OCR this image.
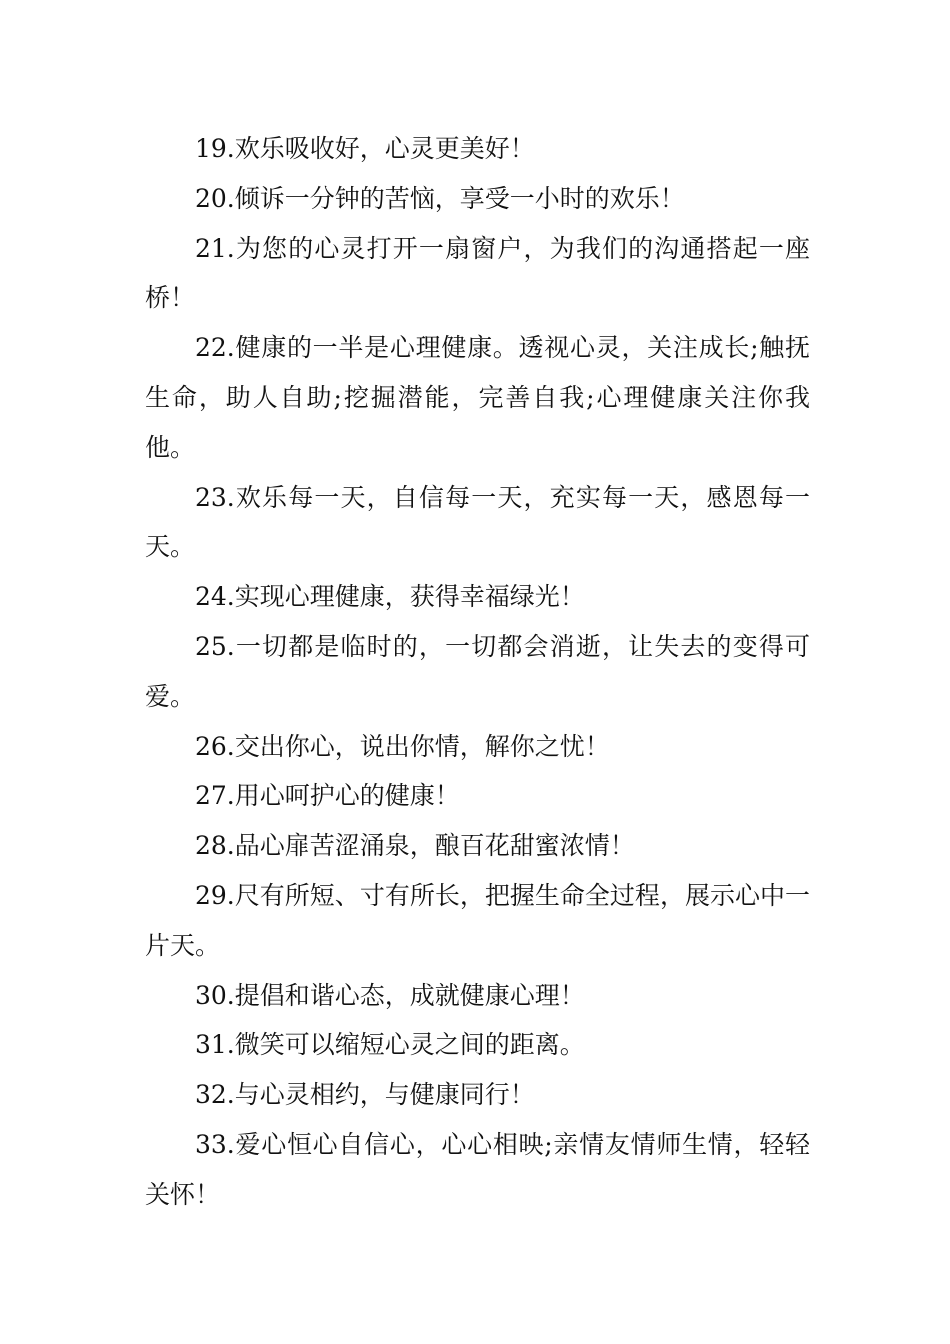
19.欢乐吸收好，心灵更美好！

20.倾诉一分钟的苦恼，享受一小时的欢乐！

21.为您的心灵打开一扇窗户，为我们的沟通搭起一座桥！

22.健康的一半是心理健康。透视心灵，关注成长;触抚生命，助人自助;挖掘潜能，完善自我;心理健康关注你我他。

23.欢乐每一天，自信每一天，充实每一天，感恩每一天。

24.实现心理健康，获得幸福绿光！

25.一切都是临时的，一切都会消逝，让失去的变得可爱。

26.交出你心，说出你情，解你之忧！

27.用心呵护心的健康！

28.品心扉苦涩涌泉，酿百花甜蜜浓情！

29.尺有所短、寸有所长，把握生命全过程，展示心中一片天。

30.提倡和谐心态，成就健康心理！

31.微笑可以缩短心灵之间的距离。

32.与心灵相约，与健康同行！

33.爱心恒心自信心，心心相映;亲情友情师生情，轻轻关怀！
